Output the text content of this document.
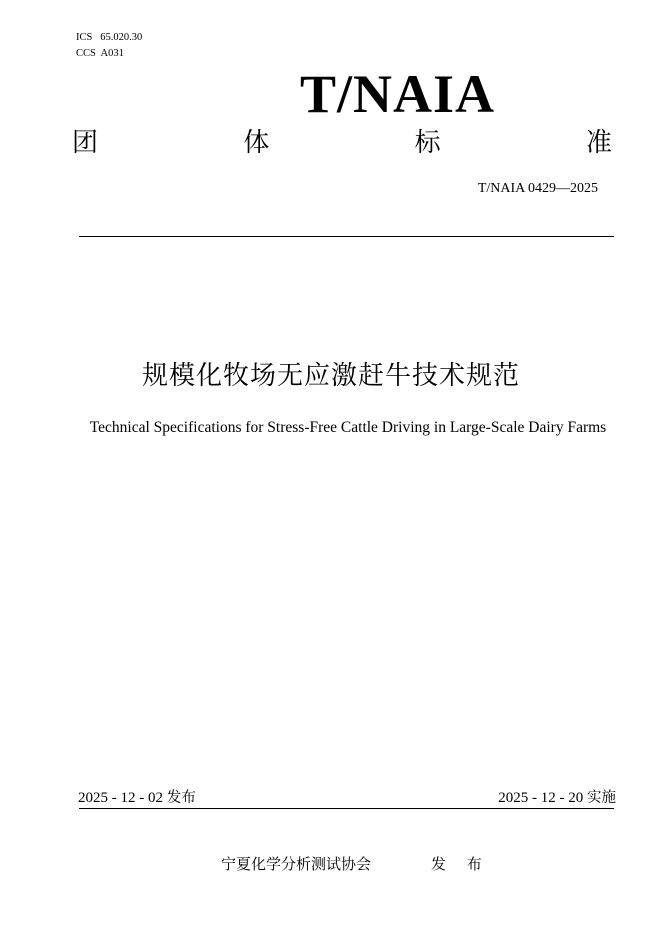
ICS   65.020.30
CCS  A031
T/NAIA
团	体	标	准
T/NAIA 0429—2025
规模化牧场无应激赶牛技术规范
Technical Specifications for Stress-Free Cattle Driving in Large-Scale Dairy Farms
2025 - 12 - 02 发布	2025 - 12 - 20 实施
宁夏化学分析测试协会	发 布
